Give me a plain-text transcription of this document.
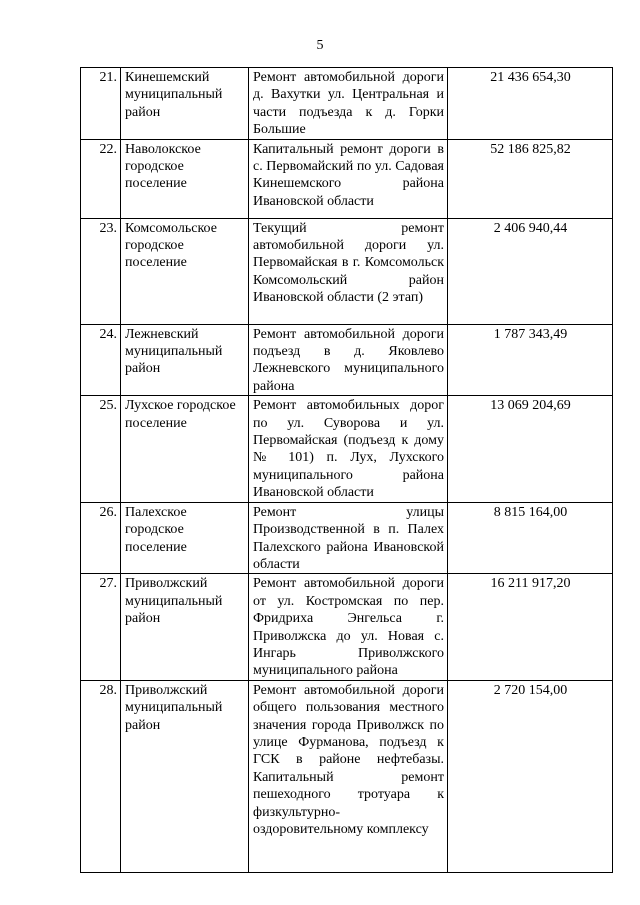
5
21.	Кинешемский муниципальный район	Ремонт автомобильной дороги д. Вахутки ул. Центральная и части подъезда к д. Горки Большие	21 436 654,30
22.	Наволокское городское поселение	Капитальный ремонт дороги в с. Первомайский по ул. Садовая Кинешемского района Ивановской области	52 186 825,82
23.	Комсомольское городское поселение	Текущий ремонт автомобильной дороги ул. Первомайская в г. Комсомольск Комсомольский район Ивановской области (2 этап)	2 406 940,44
24.	Лежневский муниципальный район	Ремонт автомобильной дороги подъезд в д. Яковлево Лежневского муниципального района	1 787 343,49
25.	Лухское городское поселение	Ремонт автомобильных дорог по ул. Суворова и ул. Первомайская (подъезд к дому № 101) п. Лух, Лухского муниципального района Ивановской области	13 069 204,69
26.	Палехское городское поселение	Ремонт улицы Производственной в п. Палех Палехского района Ивановской области	8 815 164,00
27.	Приволжский муниципальный район	Ремонт автомобильной дороги от ул. Костромская по пер. Фридриха Энгельса г. Приволжска до ул. Новая с. Ингарь Приволжского муниципального района	16 211 917,20
28.	Приволжский муниципальный район	Ремонт автомобильной дороги общего пользования местного значения города Приволжск по улице Фурманова, подъезд к ГСК в районе нефтебазы. Капитальный ремонт пешеходного тротуара к физкультурно-оздоровительному комплексу	2 720 154,00
